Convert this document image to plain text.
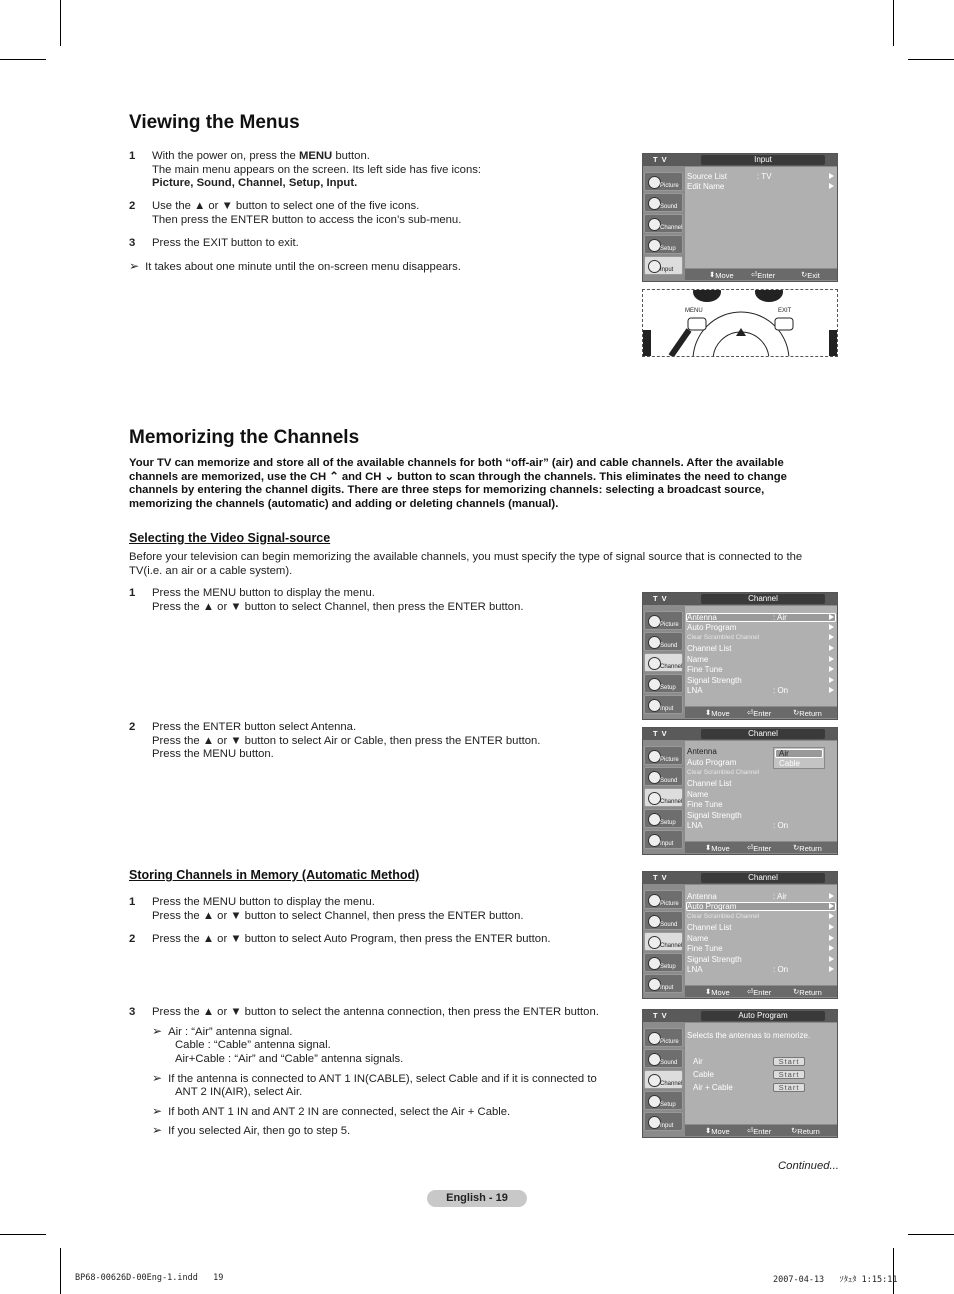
Viewing the Menus
1 With the power on, press the MENU button.
The main menu appears on the screen. Its left side has five icons:
Picture, Sound, Channel, Setup, Input.
2 Use the ▲ or ▼ button to select one of the five icons.
Then press the ENTER button to access the icon’s sub-menu.
3 Press the EXIT button to exit.
➢ It takes about one minute until the on-screen menu disappears.
T V	Input
Picture
Sound
Channel
Setup
Input
Source List	: TV
Edit Name
⬍ Move ⏎ Enter	↻ Exit
MENU	EXIT
Memorizing the Channels
Your TV can memorize and store all of the available channels for both “off-air” (air) and cable channels. After the available channels are memorized, use the CH ⌃ and CH ⌄ button to scan through the channels. This eliminates the need to change channels by entering the channel digits. There are three steps for memorizing channels: selecting a broadcast source, memorizing the channels (automatic) and adding or deleting channels (manual).
Selecting the Video Signal-source
Before your television can begin memorizing the available channels, you must specify the type of signal source that is connected to the TV(i.e. an air or a cable system).
1 Press the MENU button to display the menu.
Press the ▲ or ▼ button to select Channel, then press the ENTER button.
2 Press the ENTER button select Antenna.
Press the ▲ or ▼ button to select Air or Cable, then press the ENTER button.
Press the MENU button.
Storing Channels in Memory (Automatic Method)
1 Press the MENU button to display the menu.
Press the ▲ or ▼ button to select Channel, then press the ENTER button.
2 Press the ▲ or ▼ button to select Auto Program, then press the ENTER button.
3 Press the ▲ or ▼ button to select the antenna connection, then press the ENTER button.
➢ Air : “Air” antenna signal.
Cable : “Cable” antenna signal.
Air+Cable : “Air” and “Cable” antenna signals.
➢ If the antenna is connected to ANT 1 IN(CABLE), select Cable and if it is connected to
ANT 2 IN(AIR), select Air.
➢ If both ANT 1 IN and ANT 2 IN are connected, select the Air + Cable.
➢ If you selected Air, then go to step 5.
T V	Channel
Picture
Sound
Channel
Setup
Input
Antenna	: Air
Auto Program
Clear Scrambled Channel
Channel List
Name
Fine Tune
Signal Strength
LNA	: On
⬍ Move ⏎ Enter	↻ Return
T V	Channel
Picture
Sound
Channel
Setup
Input
Antenna
Auto Program
Clear Scrambled Channel
Channel List
Name
Fine Tune
Signal Strength
LNA	: On
Air
Cable
⬍ Move ⏎ Enter	↻ Return
T V	Channel
Picture
Sound
Channel
Setup
Input
Antenna	: Air
Auto Program
Clear Scrambled Channel
Channel List
Name
Fine Tune
Signal Strength
LNA	: On
⬍ Move ⏎ Enter	↻ Return
T V	Auto Program
Picture
Sound
Channel
Setup
Input
Selects the antennas to memorize.
Air	Start
Cable	Start
Air + Cable	Start
⬍ Move ⏎ Enter	↻ Return
Continued...
English - 19
BP68-00626D-00Eng-1.indd   19	2007-04-13   ｿﾀｪﾀ 1:15:11
